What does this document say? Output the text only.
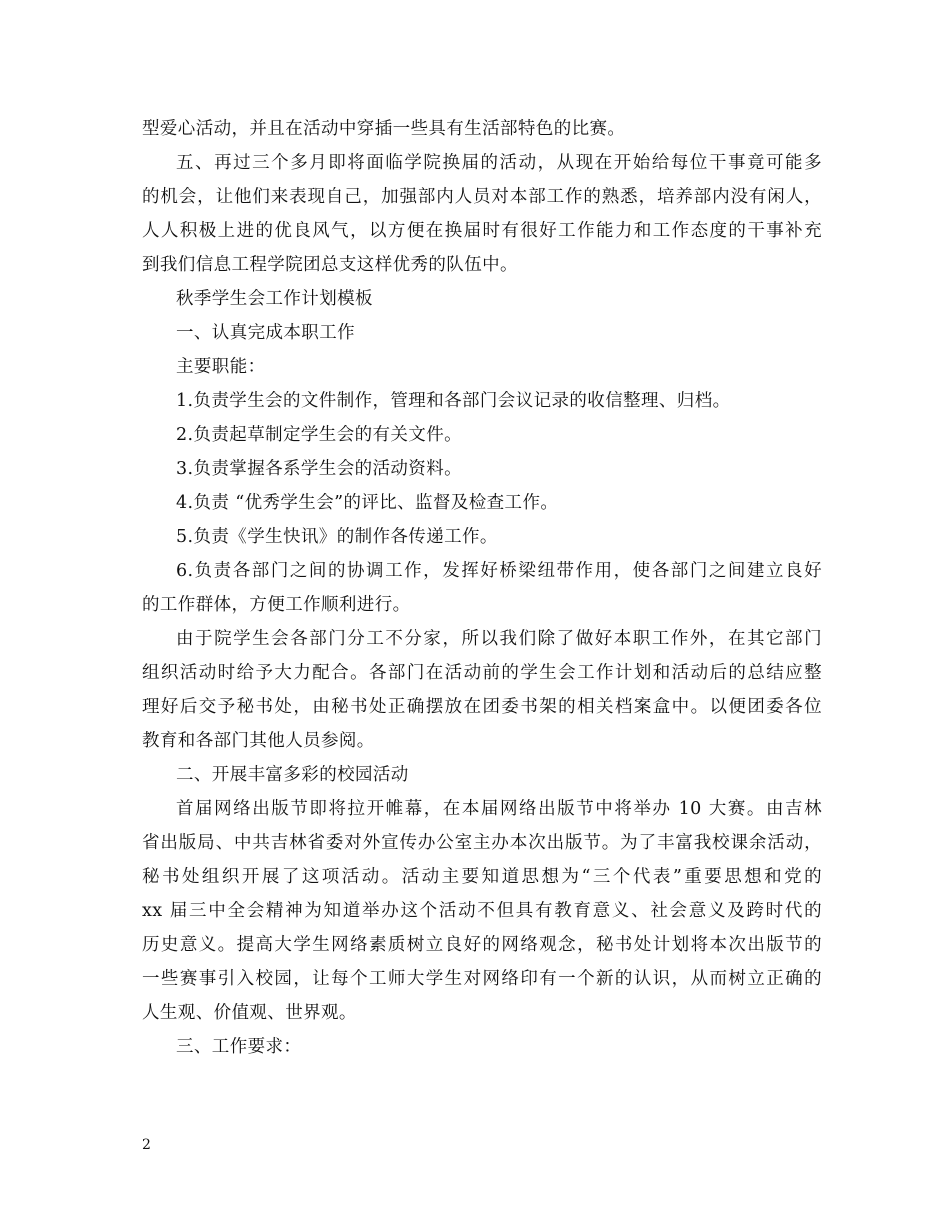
型爱心活动，并且在活动中穿插一些具有生活部特色的比赛。
五、再过三个多月即将面临学院换届的活动，从现在开始给每位干事竟可能多
的机会，让他们来表现自己，加强部内人员对本部工作的熟悉，培养部内没有闲人，
人人积极上进的优良风气，以方便在换届时有很好工作能力和工作态度的干事补充
到我们信息工程学院团总支这样优秀的队伍中。
秋季学生会工作计划模板
一、认真完成本职工作
主要职能：
1.负责学生会的文件制作，管理和各部门会议记录的收信整理、归档。
2.负责起草制定学生会的有关文件。
3.负责掌握各系学生会的活动资料。
4.负责 “优秀学生会”的评比、监督及检查工作。
5.负责《学生快讯》的制作各传递工作。
6.负责各部门之间的协调工作，发挥好桥梁纽带作用，使各部门之间建立良好
的工作群体，方便工作顺利进行。
由于院学生会各部门分工不分家，所以我们除了做好本职工作外，在其它部门
组织活动时给予大力配合。各部门在活动前的学生会工作计划和活动后的总结应整
理好后交予秘书处，由秘书处正确摆放在团委书架的相关档案盒中。以便团委各位
教育和各部门其他人员参阅。
二、开展丰富多彩的校园活动
首届网络出版节即将拉开帷幕，在本届网络出版节中将举办 10 大赛。由吉林
省出版局、中共吉林省委对外宣传办公室主办本次出版节。为了丰富我校课余活动，
秘书处组织开展了这项活动。活动主要知道思想为“三个代表”重要思想和党的
xx 届三中全会精神为知道举办这个活动不但具有教育意义、社会意义及跨时代的
历史意义。提高大学生网络素质树立良好的网络观念，秘书处计划将本次出版节的
一些赛事引入校园，让每个工师大学生对网络印有一个新的认识，从而树立正确的
人生观、价值观、世界观。
三、工作要求：
2
